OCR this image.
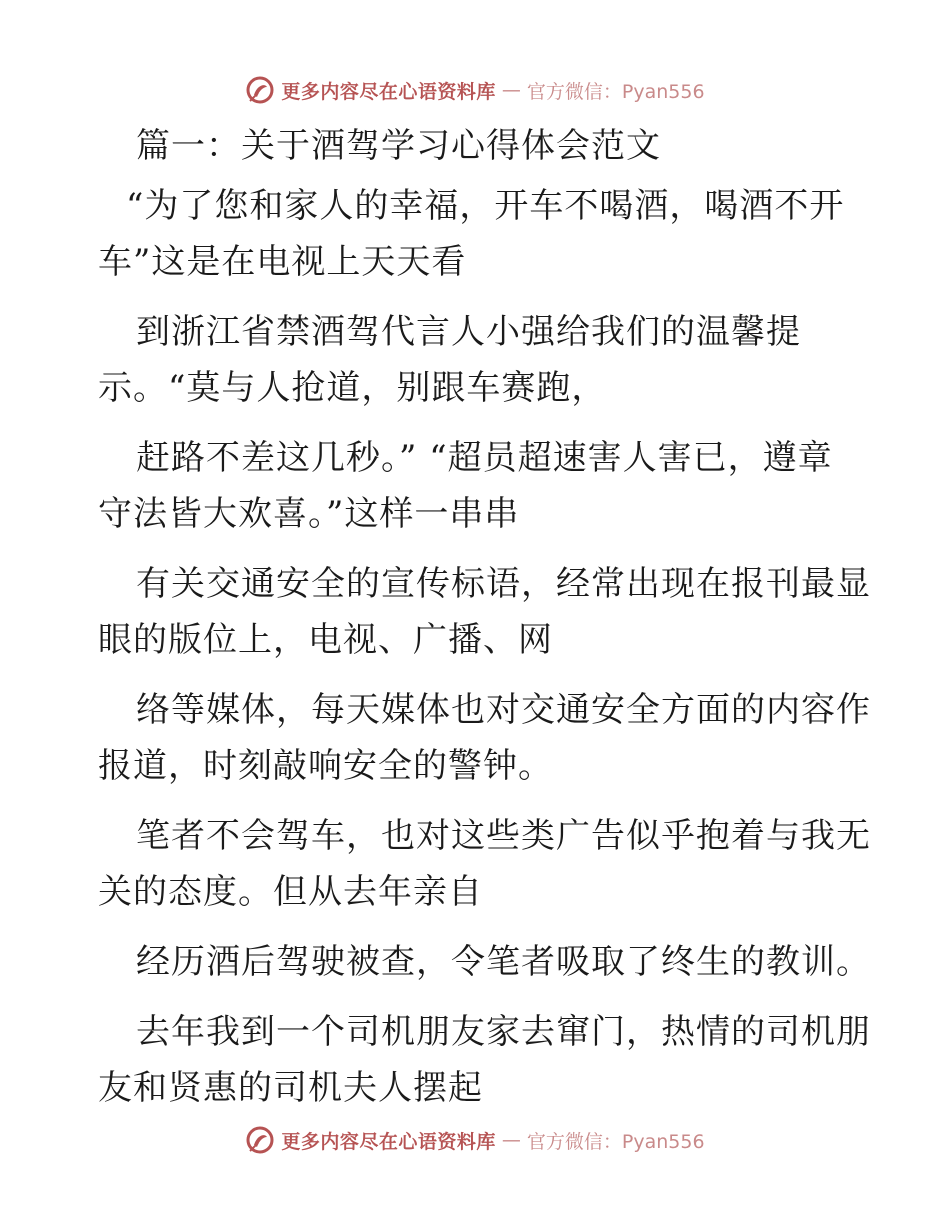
更多内容尽在心语资料库 — 官方微信：Pyan556
篇一：关于酒驾学习心得体会范文
“为了您和家人的幸福，开车不喝酒，喝酒不开
车”这是在电视上天天看
到浙江省禁酒驾代言人小强给我们的温馨提
示。“莫与人抢道，别跟车赛跑，
赶路不差这几秒。” “超员超速害人害已，遵章
守法皆大欢喜。”这样一串串
有关交通安全的宣传标语，经常出现在报刊最显
眼的版位上，电视、广播、网
络等媒体，每天媒体也对交通安全方面的内容作
报道，时刻敲响安全的警钟。
笔者不会驾车，也对这些类广告似乎抱着与我无
关的态度。但从去年亲自
经历酒后驾驶被查，令笔者吸取了终生的教训。
去年我到一个司机朋友家去窜门，热情的司机朋
友和贤惠的司机夫人摆起
更多内容尽在心语资料库 — 官方微信：Pyan556
